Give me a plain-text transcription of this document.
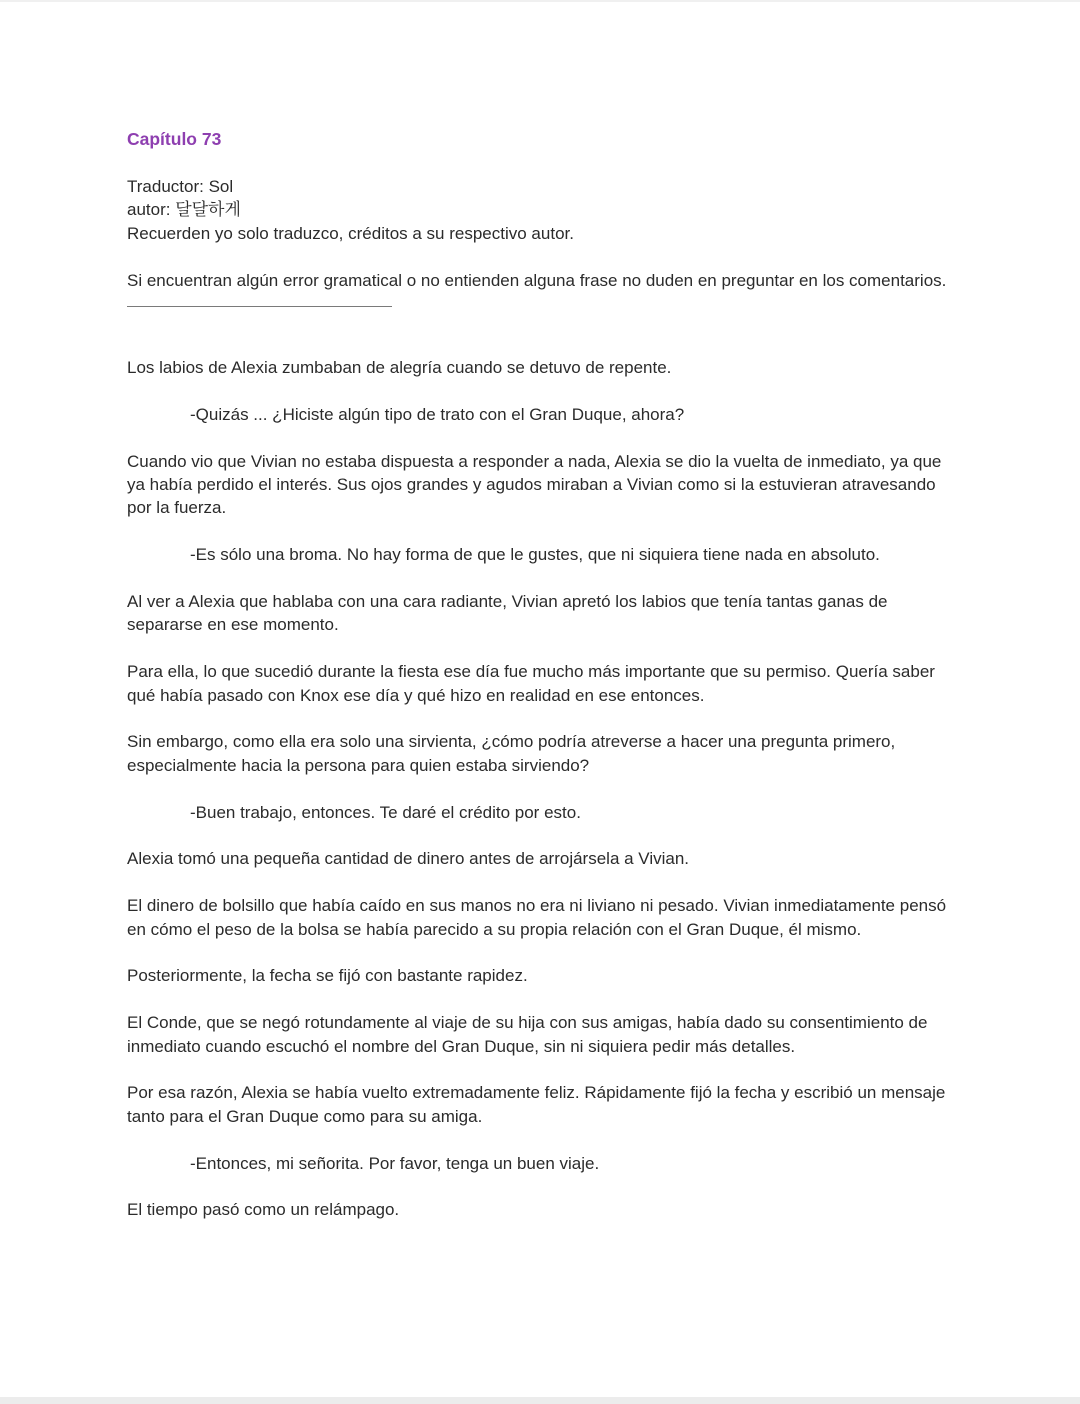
Capítulo 73
Traductor: Sol
autor: 달달하게
Recuerden yo solo traduzco, créditos a su respectivo autor.
Si encuentran algún error gramatical o no entienden alguna frase no duden en preguntar en los comentarios.

Los labios de Alexia zumbaban de alegría cuando se detuvo de repente.

-Quizás ... ¿Hiciste algún tipo de trato con el Gran Duque, ahora?

Cuando vio que Vivian no estaba dispuesta a responder a nada, Alexia se dio la vuelta de inmediato, ya que ya había perdido el interés. Sus ojos grandes y agudos miraban a Vivian como si la estuvieran atravesando por la fuerza.

-Es sólo una broma. No hay forma de que le gustes, que ni siquiera tiene nada en absoluto.

Al ver a Alexia que hablaba con una cara radiante, Vivian apretó los labios que tenía tantas ganas de separarse en ese momento.

Para ella, lo que sucedió durante la fiesta ese día fue mucho más importante que su permiso. Quería saber qué había pasado con Knox ese día y qué hizo en realidad en ese entonces.

Sin embargo, como ella era solo una sirvienta, ¿cómo podría atreverse a hacer una pregunta primero, especialmente hacia la persona para quien estaba sirviendo?

-Buen trabajo, entonces. Te daré el crédito por esto.

Alexia tomó una pequeña cantidad de dinero antes de arrojársela a Vivian.

El dinero de bolsillo que había caído en sus manos no era ni liviano ni pesado. Vivian inmediatamente pensó en cómo el peso de la bolsa se había parecido a su propia relación con el Gran Duque, él mismo.

Posteriormente, la fecha se fijó con bastante rapidez.

El Conde, que se negó rotundamente al viaje de su hija con sus amigas, había dado su consentimiento de inmediato cuando escuchó el nombre del Gran Duque, sin ni siquiera pedir más detalles.

Por esa razón, Alexia se había vuelto extremadamente feliz. Rápidamente fijó la fecha y escribió un mensaje tanto para el Gran Duque como para su amiga.

-Entonces, mi señorita. Por favor, tenga un buen viaje.

El tiempo pasó como un relámpago.
